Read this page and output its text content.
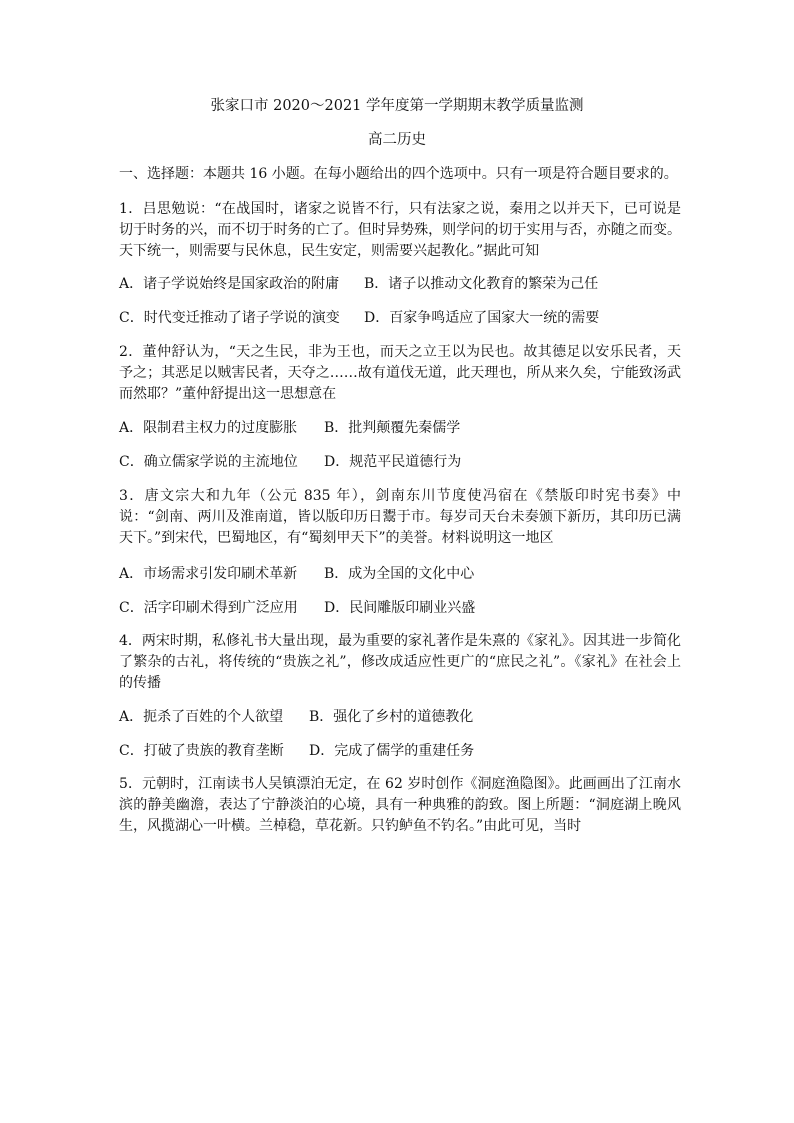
张家口市 2020～2021 学年度第一学期期末教学质量监测
高二历史

一、选择题：本题共 16 小题。在每小题给出的四个选项中。只有一项是符合题目要求的。

1．吕思勉说：“在战国时，诸家之说皆不行，只有法家之说，秦用之以并天下，已可说是切于时务的兴，而不切于时务的亡了。但时异势殊，则学问的切于实用与否，亦随之而变。天下统一，则需要与民休息，民生安定，则需要兴起教化。”据此可知

A．诸子学说始终是国家政治的附庸 B．诸子以推动文化教育的繁荣为己任
C．时代变迁推动了诸子学说的演变 D．百家争鸣适应了国家大一统的需要

2．董仲舒认为，“天之生民，非为王也，而天之立王以为民也。故其德足以安乐民者，天予之；其恶足以贼害民者，天夺之……故有道伐无道，此天理也，所从来久矣，宁能致汤武而然耶？”董仲舒提出这一思想意在

A．限制君主权力的过度膨胀 B．批判颠覆先秦儒学
C．确立儒家学说的主流地位 D．规范平民道德行为

3．唐文宗大和九年（公元 835 年），剑南东川节度使冯宿在《禁版印时宪书奏》中说：“剑南、两川及淮南道，皆以版印历日鬻于市。每岁司天台未奏颁下新历，其印历已满天下。”到宋代，巴蜀地区，有“蜀刻甲天下”的美誉。材料说明这一地区

A．市场需求引发印刷术革新 B．成为全国的文化中心
C．活字印刷术得到广泛应用 D．民间雕版印刷业兴盛

4．两宋时期，私修礼书大量出现，最为重要的家礼著作是朱熹的《家礼》。因其进一步简化了繁杂的古礼，将传统的“贵族之礼”，修改成适应性更广的“庶民之礼”。《家礼》在社会上的传播

A．扼杀了百姓的个人欲望 B．强化了乡村的道德教化
C．打破了贵族的教育垄断 D．完成了儒学的重建任务

5．元朝时，江南读书人吴镇漂泊无定，在 62 岁时创作《洞庭渔隐图》。此画画出了江南水滨的静美幽澹，表达了宁静淡泊的心境，具有一种典雅的韵致。图上所题：“洞庭湖上晚风生，风揽湖心一叶横。兰棹稳，草花新。只钓鲈鱼不钓名。”由此可见，当时
